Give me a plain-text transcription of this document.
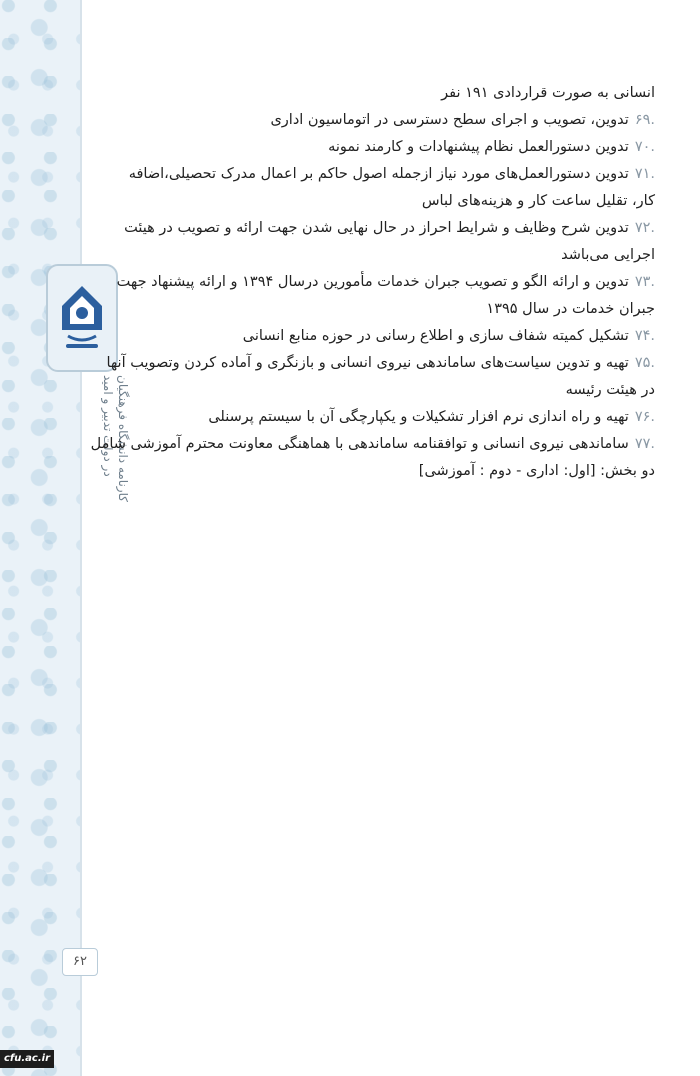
کارنامه دانشگاه فرهنگیان
در دولت تدبیر و امید
۶۲
cfu.ac.ir
انسانی به صورت قراردادی ۱۹۱ نفر
.۶۹تدوین، تصویب و اجرای سطح دسترسی در اتوماسیون اداری
.۷۰تدوین دستورالعمل نظام پیشنهادات و کارمند نمونه
.۷۱تدوین دستورالعمل‌های مورد نیاز ازجمله اصول حاکم بر اعمال مدرک تحصیلی،اضافه
کار، تقلیل ساعت کار و هزینه‌های لباس
.۷۲تدوین شرح وظایف و شرایط احراز در حال نهایی شدن جهت ارائه و تصویب در هیئت
اجرایی می‌باشد
.۷۳تدوین و ارائه الگو و تصویب جبران خدمات مأمورین درسال ۱۳۹۴ و ارائه پیشنهاد جهت
جبران خدمات در سال ۱۳۹۵
.۷۴تشکیل کمیته شفاف سازی و اطلاع رسانی در حوزه منابع انسانی
.۷۵تهیه و تدوین سیاست‌های ساماندهی نیروی انسانی و بازنگری و آماده کردن وتصویب آنها
در هیئت رئیسه
.۷۶تهیه و راه اندازی نرم افزار تشکیلات و یکپارچگی آن با سیستم پرسنلی
.۷۷ساماندهی نیروی انسانی و توافقنامه ساماندهی با هماهنگی معاونت محترم آموزشی شامل
دو بخش: [اول: اداری - دوم : آموزشی]
